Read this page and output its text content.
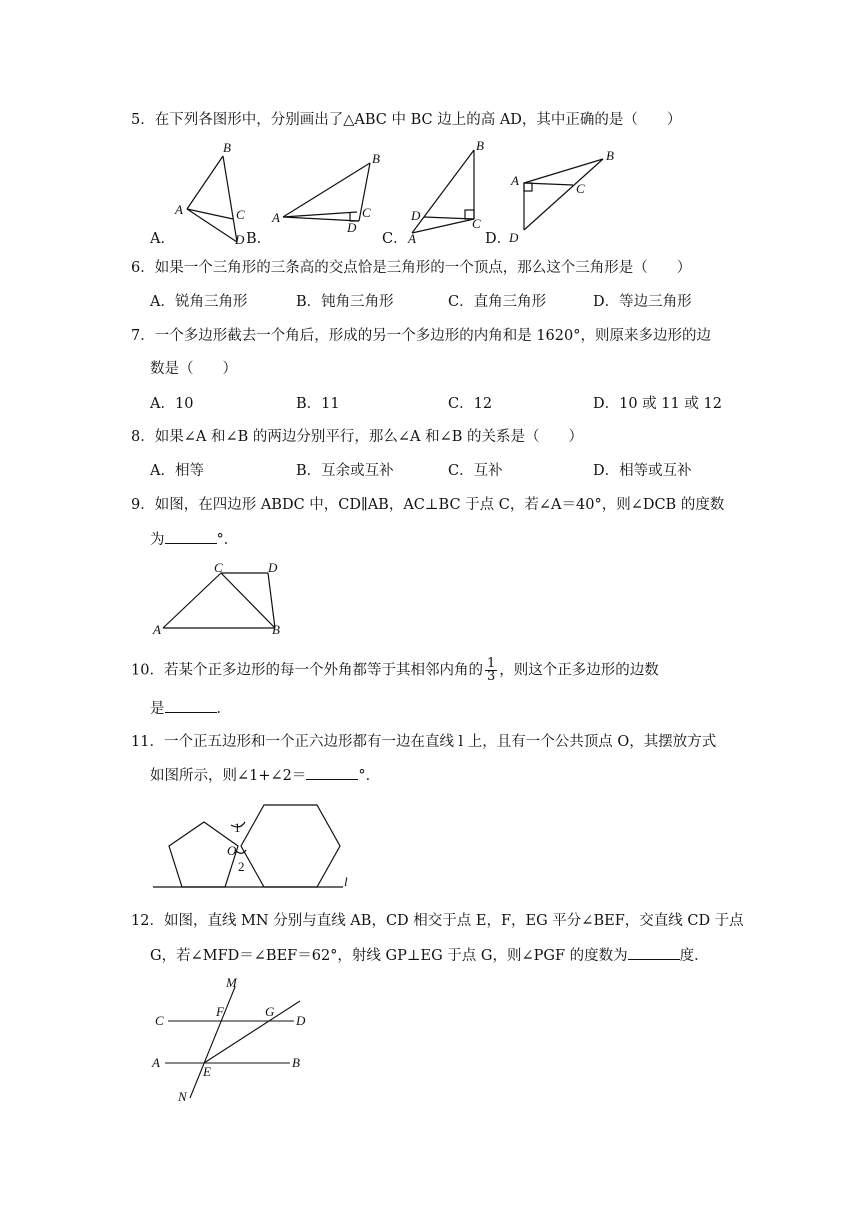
5．在下列各图形中，分别画出了△ABC 中 BC 边上的高 AD，其中正确的是（　　）
B
A	C
D
A．	B．
B
A	C
D
C．
B
D
C
A	D．
B
A
C
D
6．如果一个三角形的三条高的交点恰是三角形的一个顶点，那么这个三角形是（　　）
A．锐角三角形	B．钝角三角形	C．直角三角形	D．等边三角形
7．一个多边形截去一个角后，形成的另一个多边形的内角和是 1620°，则原来多边形的边
数是（　　）
A．10	B．11	C．12	D．10 或 11 或 12
8．如果∠A 和∠B 的两边分别平行，那么∠A 和∠B 的关系是（　　）
A．相等	B．互余或互补	C．互补	D．相等或互补
9．如图，在四边形 ABDC 中，CD∥AB，AC⊥BC 于点 C，若∠A＝40°，则∠DCB 的度数
为	°．
C	D
A	B
10．若某个正多边形的每一个外角都等于其相邻内角的 $\frac{1}{3}$ ，则这个正多边形的边数
是	．
11．一个正五边形和一个正六边形都有一边在直线 l 上，且有一个公共顶点 O，其摆放方式
如图所示，则∠1+∠2＝	°．
1
O
2
l
12．如图，直线 MN 分别与直线 AB，CD 相交于点 E，F，EG 平分∠BEF，交直线 CD 于点
G，若∠MFD＝∠BEF＝62°，射线 GP⊥EG 于点 G，则∠PGF 的度数为	度．
M
F	G
C	D
A
E
B
N
